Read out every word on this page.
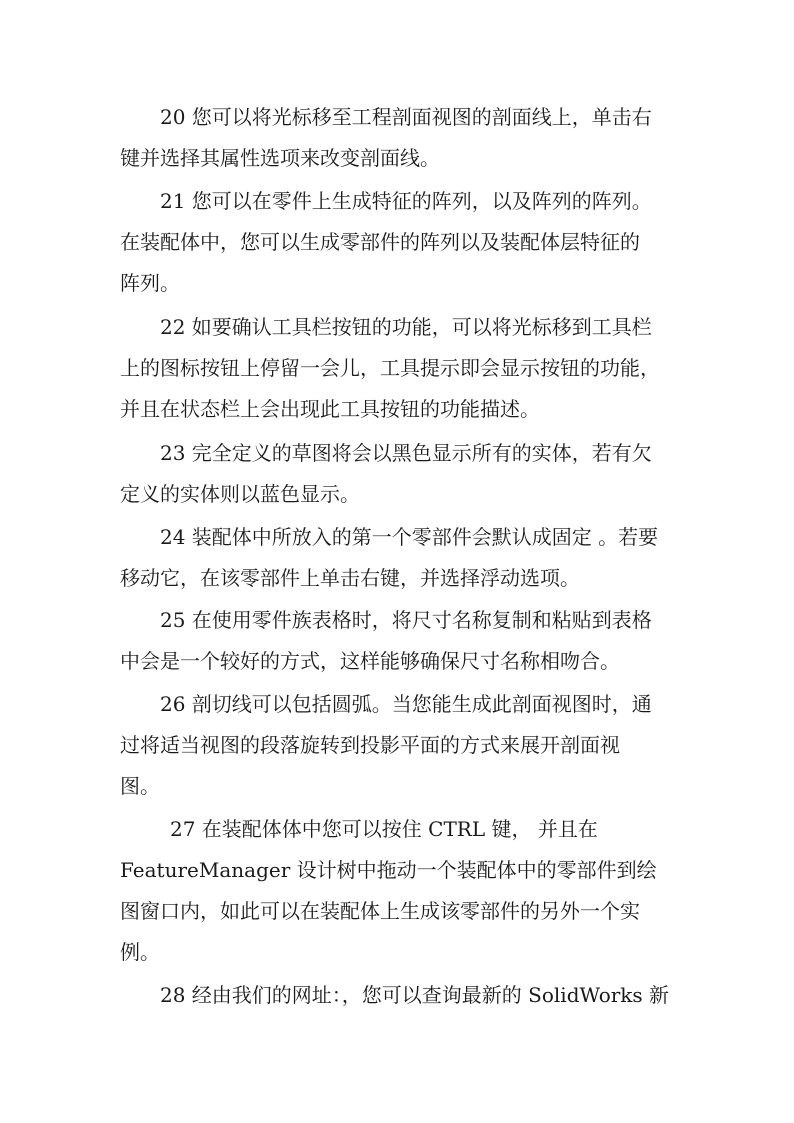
20 您可以将光标移至工程剖面视图的剖面线上，单击右
键并选择其属性选项来改变剖面线。
21 您可以在零件上生成特征的阵列，以及阵列的阵列。
在装配体中，您可以生成零部件的阵列以及装配体层特征的
阵列。
22 如要确认工具栏按钮的功能，可以将光标移到工具栏
上的图标按钮上停留一会儿，工具提示即会显示按钮的功能，
并且在状态栏上会出现此工具按钮的功能描述。
23 完全定义的草图将会以黑色显示所有的实体，若有欠
定义的实体则以蓝色显示。
24 装配体中所放入的第一个零部件会默认成固定 。若要
移动它，在该零部件上单击右键，并选择浮动选项。
25 在使用零件族表格时，将尺寸名称复制和粘贴到表格
中会是一个较好的方式，这样能够确保尺寸名称相吻合。
26 剖切线可以包括圆弧。当您能生成此剖面视图时，通
过将适当视图的段落旋转到投影平面的方式来展开剖面视
图。
27 在装配体体中您可以按住 CTRL 键， 并且在
FeatureManager 设计树中拖动一个装配体中的零部件到绘
图窗口内，如此可以在装配体上生成该零部件的另外一个实
例。
28 经由我们的网址：，您可以查询最新的 SolidWorks 新
